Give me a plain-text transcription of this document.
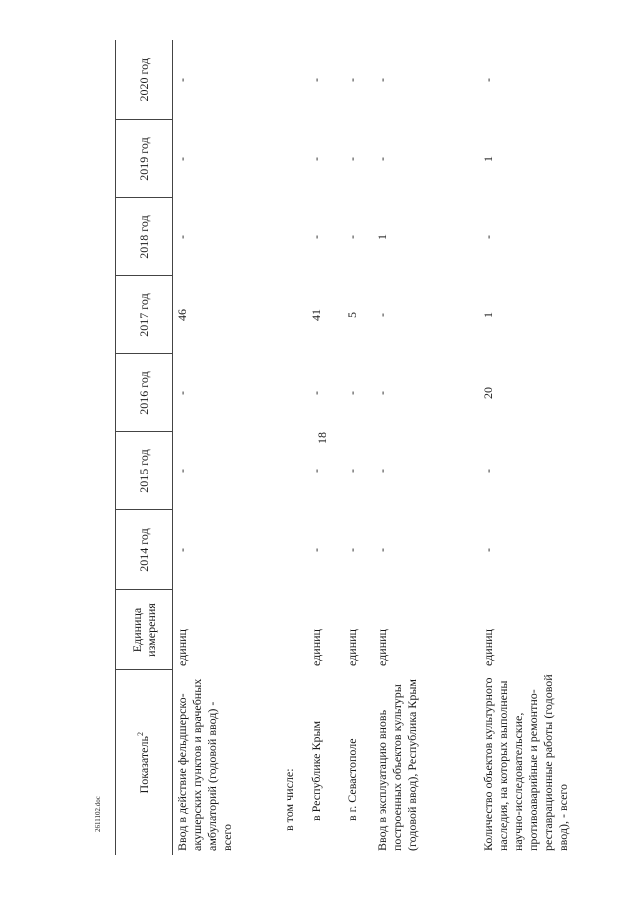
18
2611102.doc
Показатель$^2$	Единица измерения	2014 год	2015 год	2016 год	2017 год	2018 год	2019 год	2020 год
Ввод в действие фельдшерско-акушерских пунктов и врачебных амбулаторий (годовой ввод) - всего	единиц	-	-	-	46	-	-	-
в том числе:								
в Республике Крым	единиц	-	-	-	41	-	-	-
в г. Севастополе	единиц	-	-	-	5	-	-	-
Ввод в эксплуатацию вновь построенных объектов культуры (годовой ввод), Республика Крым	единиц	-	-	-	-	1	-	-
Количество объектов культурного наследия, на которых выполнены научно-исследовательские, противоаварийные и ремонтно-реставрационные работы (годовой ввод), - всего	единиц	-	-	20	1	-	1	-
